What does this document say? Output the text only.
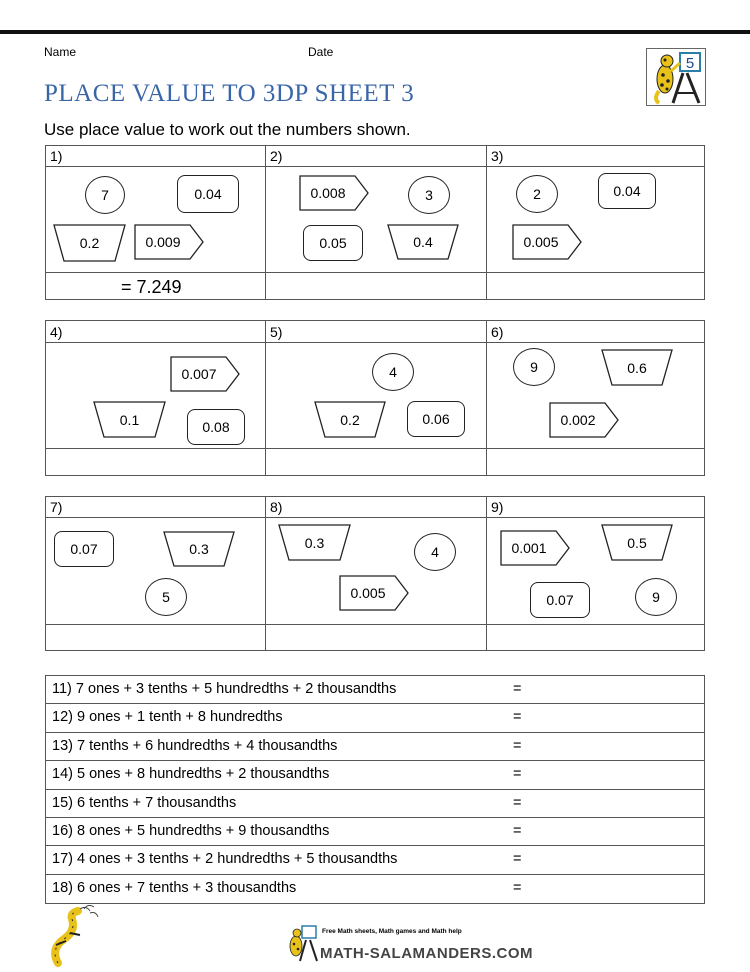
Name	Date
5
PLACE VALUE TO 3DP SHEET 3
Use place value to work out the numbers shown.
1)	2)	3)
4)	5)	6)
7)	8)	9)
= 7.249
7	0.04
0.2	0.009
0.008	3
0.05	0.4
2	0.04
0.005
0.007
0.1	0.08
4
0.2	0.06
9	0.6
0.002
0.07	0.3
5
0.3
4
0.005
0.001	0.5
0.07	9
11) 7 ones + 3 tenths + 5 hundredths + 2 thousandths	=
12) 9 ones + 1 tenth + 8 hundredths	=
13) 7 tenths + 6 hundredths + 4 thousandths	=
14) 5 ones + 8 hundredths + 2 thousandths	=
15) 6 tenths + 7 thousandths	=
16) 8 ones + 5 hundredths + 9 thousandths	=
17) 4 ones + 3 tenths + 2 hundredths + 5 thousandths	=
18) 6 ones + 7 tenths + 3 thousandths	=
Free Math sheets, Math games and Math help
MATH-SALAMANDERS.COM
